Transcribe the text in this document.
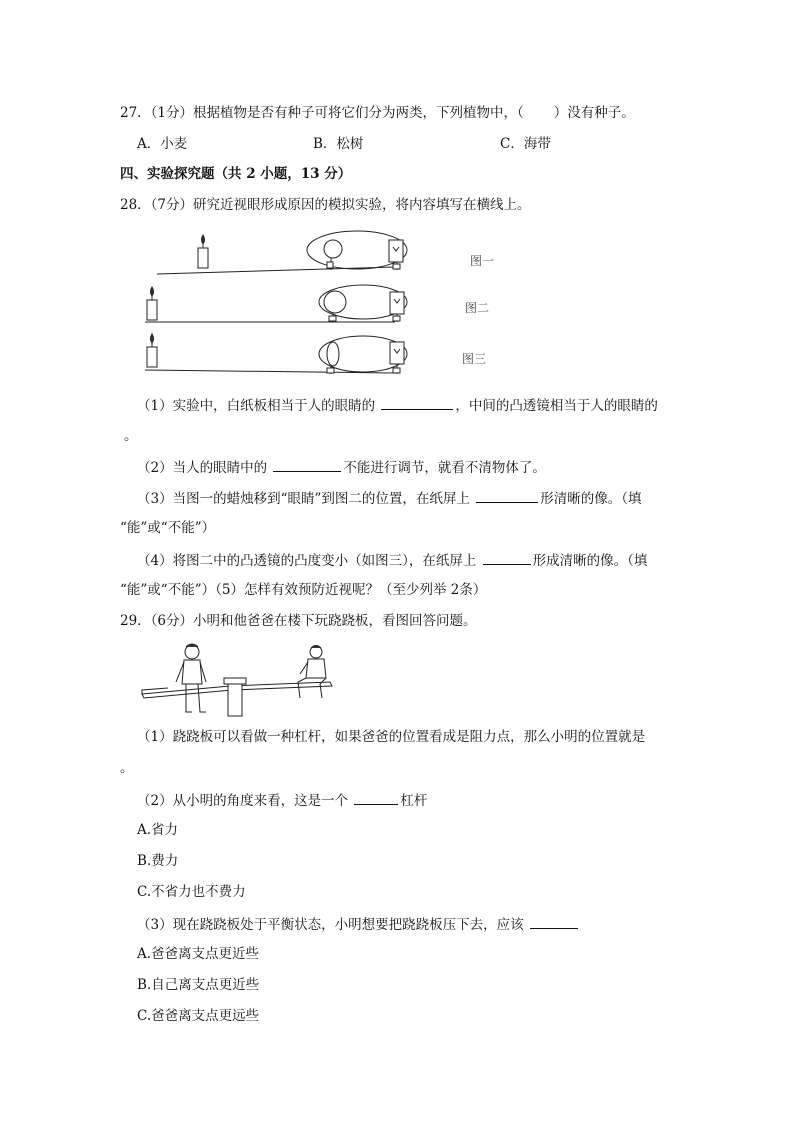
27．（1分）根据植物是否有种子可将它们分为两类，下列植物中，（ ）没有种子。
A．小麦	B．松树	C．海带
四、实验探究题（共 2 小题，13 分）
28．（7分）研究近视眼形成原因的模拟实验，将内容填写在横线上。
图一
图二
图三
（1）实验中，白纸板相当于人的眼睛的	，中间的凸透镜相当于人的眼睛的
。
（2）当人的眼睛中的	不能进行调节，就看不清物体了。
（3）当图一的蜡烛移到“眼睛”到图二的位置，在纸屏上	形清晰的像。（填
“能”或“不能”）
（4）将图二中的凸透镜的凸度变小（如图三），在纸屏上	形成清晰的像。（填
“能”或“不能”）（5）怎样有效预防近视呢？（至少列举 2条）
29．（6分）小明和他爸爸在楼下玩跷跷板，看图回答问题。
（1）跷跷板可以看做一种杠杆，如果爸爸的位置看成是阻力点，那么小明的位置就是
。
（2）从小明的角度来看，这是一个	杠杆
A.省力
B.费力
C.不省力也不费力
（3）现在跷跷板处于平衡状态，小明想要把跷跷板压下去，应该
A.爸爸离支点更近些
B.自己离支点更近些
C.爸爸离支点更远些
